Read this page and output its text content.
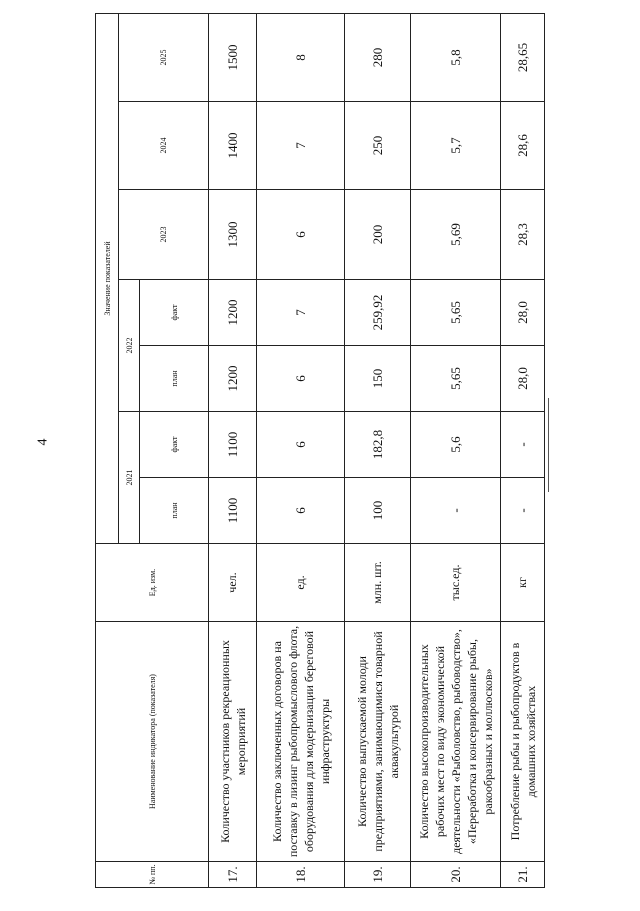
4
№ пп.	Наименование индикатора (показателя)	Ед. изм.	Значение показателей						
			2021		2022		2023	2024	2025
			план	факт	план	факт			
17.	Количество участников рекреационных мероприятий	чел.	1100	1100	1200	1200	1300	1400	1500
18.	Количество заключенных договоров на поставку в лизинг рыбопромыслового флота, оборудования для модернизации береговой инфраструктуры	ед.	6	6	6	7	6	7	8
19.	Количество выпускаемой молоди предприятиями, занимающимися товарной аквакультурой	млн. шт.	100	182,8	150	259,92	200	250	280
20.	Количество высокопроизводительных рабочих мест по виду экономической деятельности «Рыболовство, рыбоводство», «Переработка и консервирование рыбы, ракообразных и моллюсков»	тыс.ед.	-	5,6	5,65	5,65	5,69	5,7	5,8
21.	Потребление рыбы и рыбопродуктов в домашних хозяйствах	кг	-	-	28,0	28,0	28,3	28,6	28,65
